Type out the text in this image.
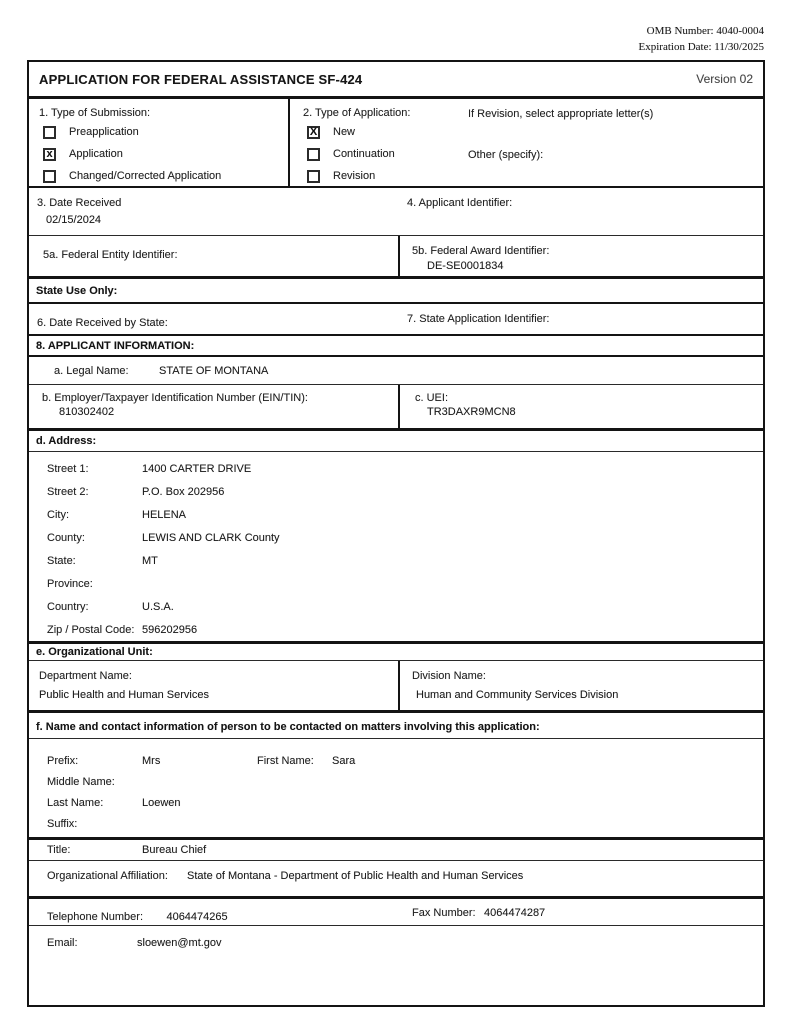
OMB Number: 4040-0004
Expiration Date: 11/30/2025
APPLICATION FOR FEDERAL ASSISTANCE SF-424	Version 02
1. Type of Submission:
Preapplication
x	Application
Changed/Corrected Application
2. Type of Application:
X New
Continuation
Revision
If Revision, select appropriate letter(s)
Other (specify):
3. Date Received
02/15/2024
4. Applicant Identifier:
5a. Federal Entity Identifier:	5b. Federal Award Identifier:
DE-SE0001834
State Use Only:
6. Date Received by State:	7. State Application Identifier:
8. APPLICANT INFORMATION:
a. Legal Name:	STATE OF MONTANA
b. Employer/Taxpayer Identification Number (EIN/TIN):
810302402
c. UEI:
TR3DAXR9MCN8
d. Address:
Street 1:	1400 CARTER DRIVE
Street 2:	P.O. Box 202956
City:	HELENA
County:	LEWIS AND CLARK County
State:	MT
Province:
Country:	U.S.A.
Zip / Postal Code: 596202956
e. Organizational Unit:
Department Name:
Public Health and Human Services
Division Name:
Human and Community Services Division
f. Name and contact information of person to be contacted on matters involving this application:
Prefix:	Mrs	First Name:	Sara
Middle Name:
Last Name:	Loewen
Suffix:
Title:	Bureau Chief
Organizational Affiliation:	State of Montana - Department of Public Health and Human Services
Telephone Number: 4064474265	Fax Number: 4064474287
Email:	sloewen@mt.gov
